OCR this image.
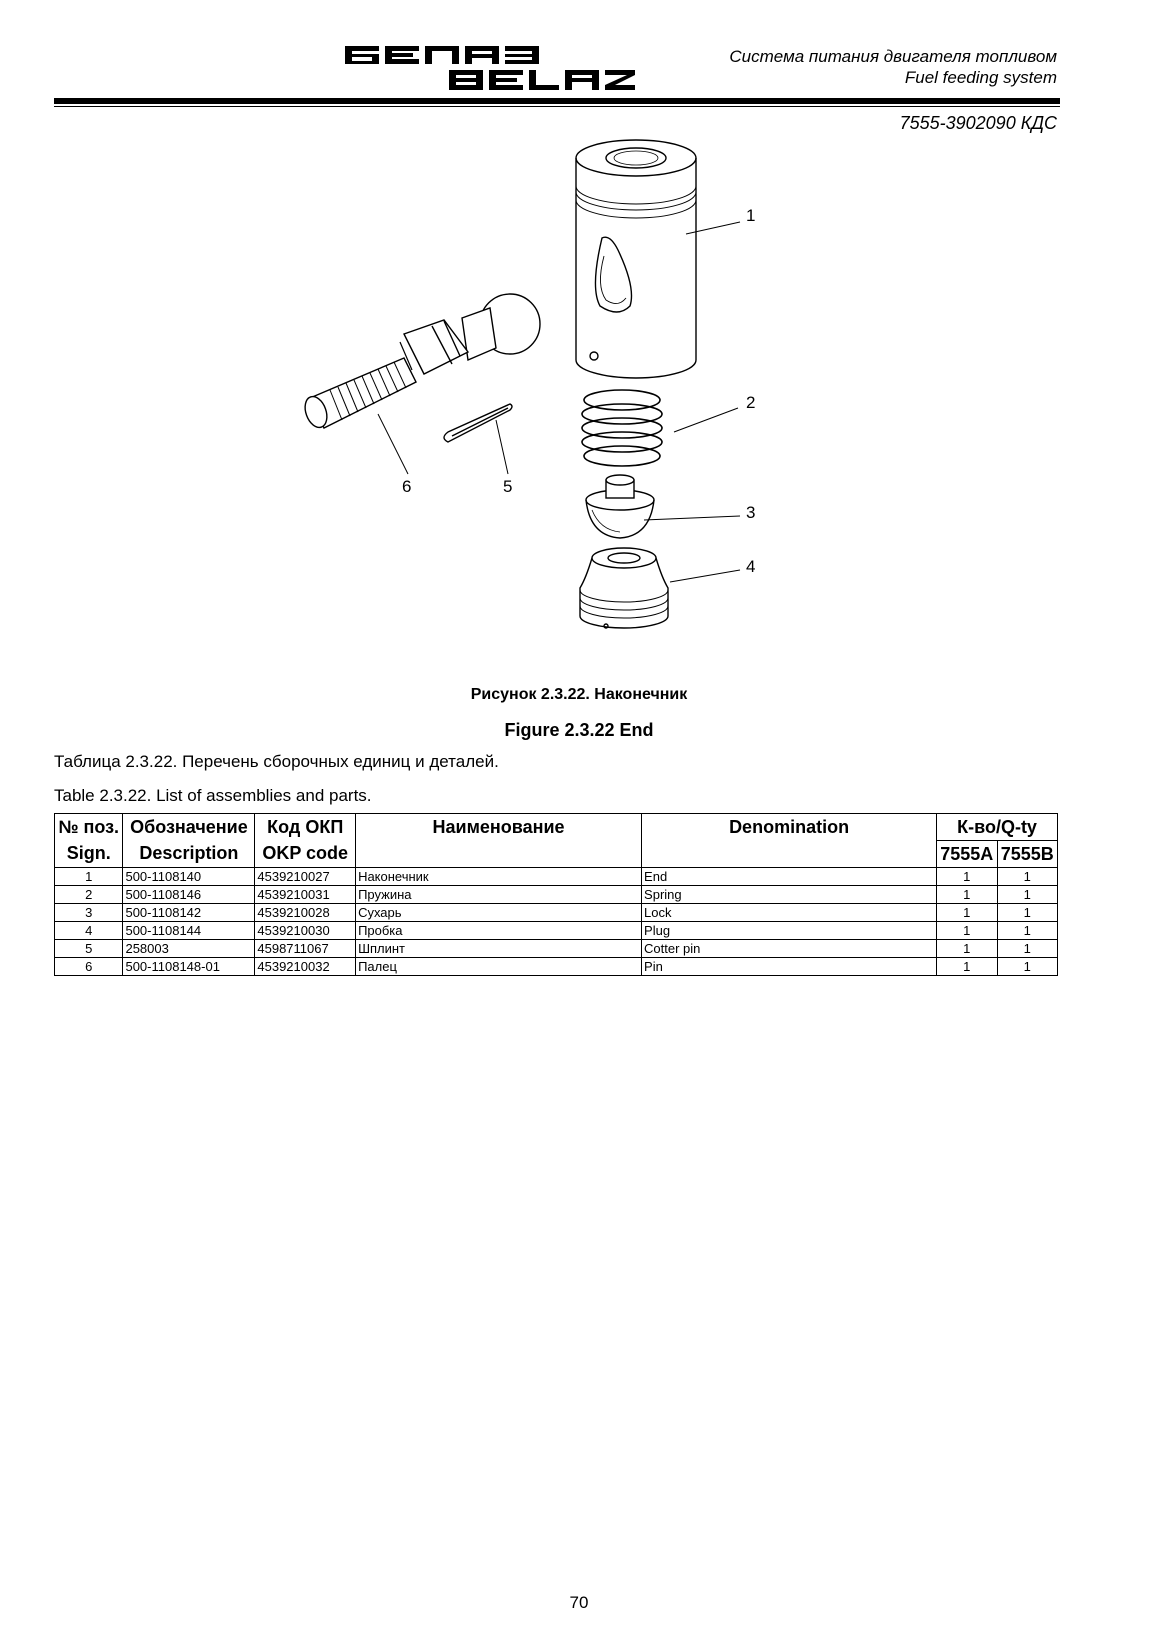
Система питания двигателя топливом
Fuel feeding system
7555-3902090 КДС
1
2
3
4
5
6
Рисунок 2.3.22. Наконечник
Figure 2.3.22 End
Таблица 2.3.22. Перечень сборочных единиц и деталей.
Table 2.3.22. List of assemblies and parts.
№ поз.	Обозначение	Код ОКП	Наименование	Denomination	К-во/Q-ty	
Sign.	Description	OKP code			7555A	7555B
1	500-1108140	4539210027	Наконечник	End	1	1
2	500-1108146	4539210031	Пружина	Spring	1	1
3	500-1108142	4539210028	Сухарь	Lock	1	1
4	500-1108144	4539210030	Пробка	Plug	1	1
5	258003	4598711067	Шплинт	Cotter pin	1	1
6	500-1108148-01	4539210032	Палец	Pin	1	1
70
